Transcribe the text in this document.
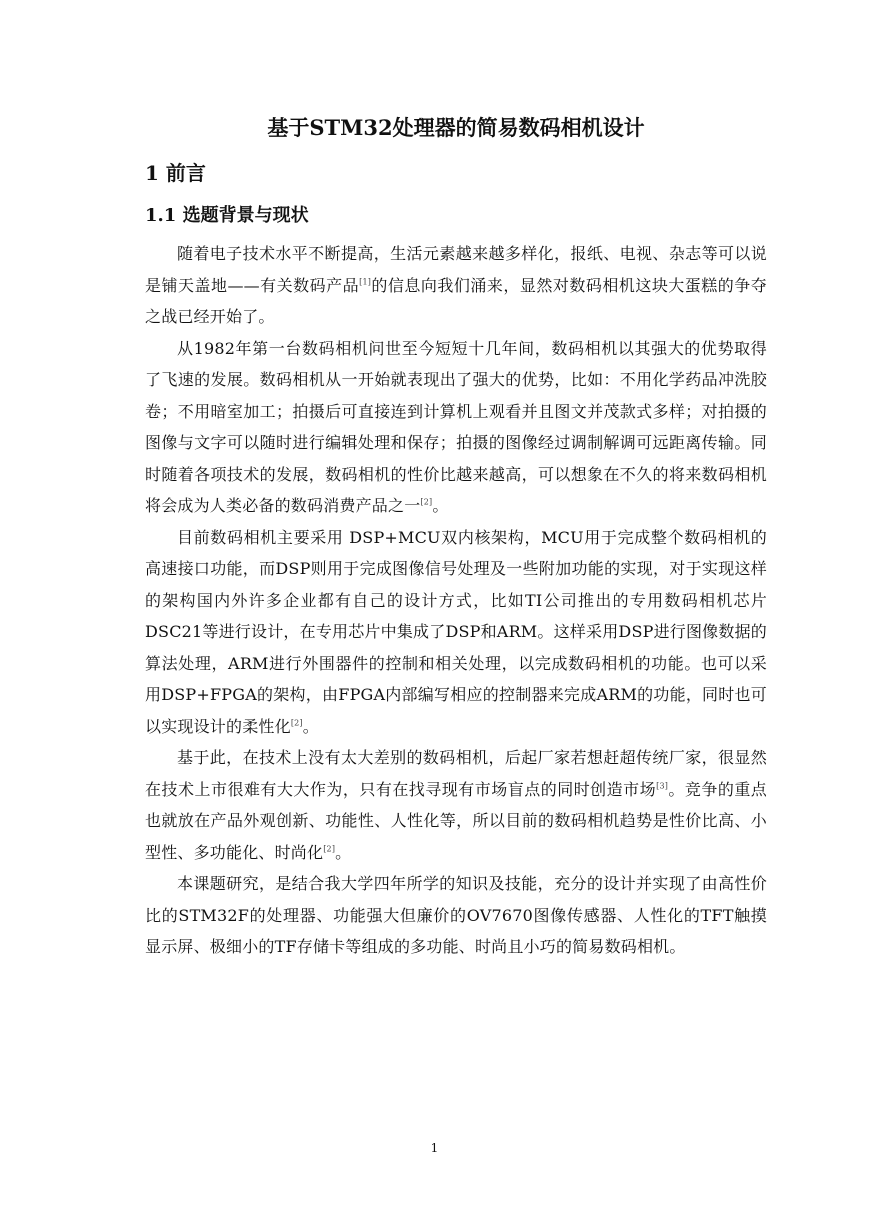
基于STM32处理器的简易数码相机设计
1 前言
1.1 选题背景与现状

随着电子技术水平不断提高，生活元素越来越多样化，报纸、电视、杂志等可以说是铺天盖地——有关数码产品[1]的信息向我们涌来，显然对数码相机这块大蛋糕的争夺之战已经开始了。

从1982年第一台数码相机问世至今短短十几年间，数码相机以其强大的优势取得了飞速的发展。数码相机从一开始就表现出了强大的优势，比如：不用化学药品冲洗胶卷；不用暗室加工；拍摄后可直接连到计算机上观看并且图文并茂款式多样；对拍摄的图像与文字可以随时进行编辑处理和保存；拍摄的图像经过调制解调可远距离传输。同时随着各项技术的发展，数码相机的性价比越来越高，可以想象在不久的将来数码相机将会成为人类必备的数码消费产品之一[2]。

目前数码相机主要采用 DSP+MCU双内核架构，MCU用于完成整个数码相机的高速接口功能，而DSP则用于完成图像信号处理及一些附加功能的实现，对于实现这样的架构国内外许多企业都有自己的设计方式，比如TI公司推出的专用数码相机芯片DSC21等进行设计，在专用芯片中集成了DSP和ARM。这样采用DSP进行图像数据的算法处理，ARM进行外围器件的控制和相关处理，以完成数码相机的功能。也可以采用DSP+FPGA的架构，由FPGA内部编写相应的控制器来完成ARM的功能，同时也可以实现设计的柔性化[2]。

基于此，在技术上没有太大差别的数码相机，后起厂家若想赶超传统厂家，很显然在技术上市很难有大大作为，只有在找寻现有市场盲点的同时创造市场[3]。竞争的重点也就放在产品外观创新、功能性、人性化等，所以目前的数码相机趋势是性价比高、小型性、多功能化、时尚化[2]。

本课题研究，是结合我大学四年所学的知识及技能，充分的设计并实现了由高性价比的STM32F的处理器、功能强大但廉价的OV7670图像传感器、人性化的TFT触摸显示屏、极细小的TF存储卡等组成的多功能、时尚且小巧的简易数码相机。

1
